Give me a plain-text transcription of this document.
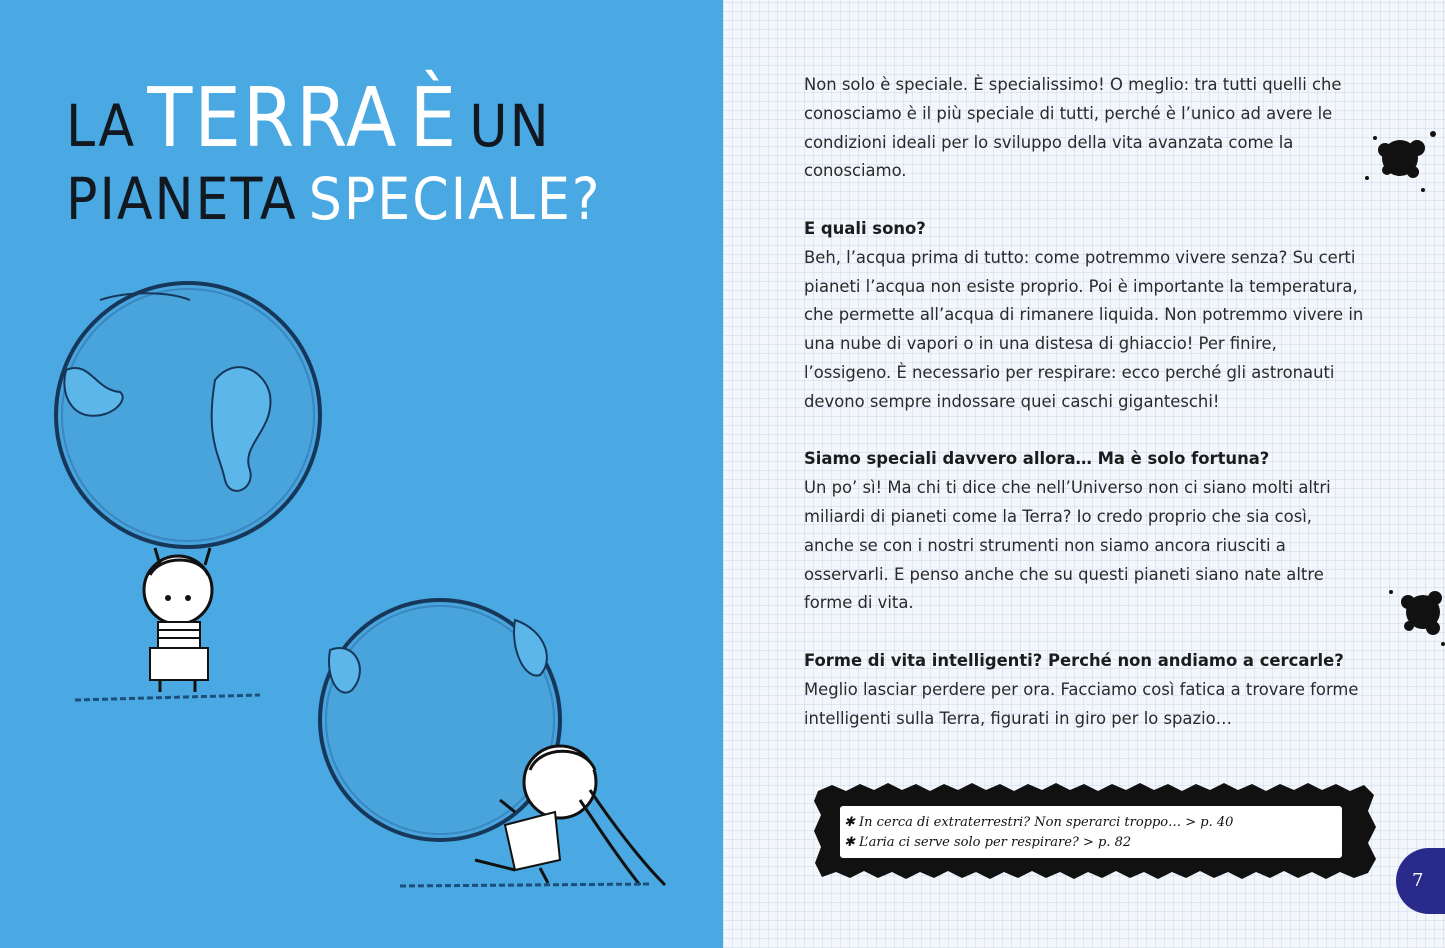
LA TERRA È UN
PIANETA SPECIALE?

Non solo è speciale. È specialissimo! O meglio: tra tutti quelli che conosciamo è il più speciale di tutti, perché è l’unico ad avere le condizioni ideali per lo sviluppo della vita avanzata come la conosciamo.

E quali sono?

Beh, l’acqua prima di tutto: come potremmo vivere senza? Su certi pianeti l’acqua non esiste proprio. Poi è importante la temperatura, che permette all’acqua di rimanere liquida. Non potremmo vivere in una nube di vapori o in una distesa di ghiaccio! Per finire, l’ossigeno. È necessario per respirare: ecco perché gli astronauti devono sempre indossare quei caschi giganteschi!

Siamo speciali davvero allora… Ma è solo fortuna?

Un po’ sì! Ma chi ti dice che nell’Universo non ci siano molti altri miliardi di pianeti come la Terra? Io credo proprio che sia così, anche se con i nostri strumenti non siamo ancora riusciti a osservarli. E penso anche che su questi pianeti siano nate altre forme di vita.

Forme di vita intelligenti? Perché non andiamo a cercarle?

Meglio lasciar perdere per ora. Facciamo così fatica a trovare forme intelligenti sulla Terra, figurati in giro per lo spazio…

✱ In cerca di extraterrestri? Non sperarci troppo… > p. 40
✱ L’aria ci serve solo per respirare? > p. 82
7
